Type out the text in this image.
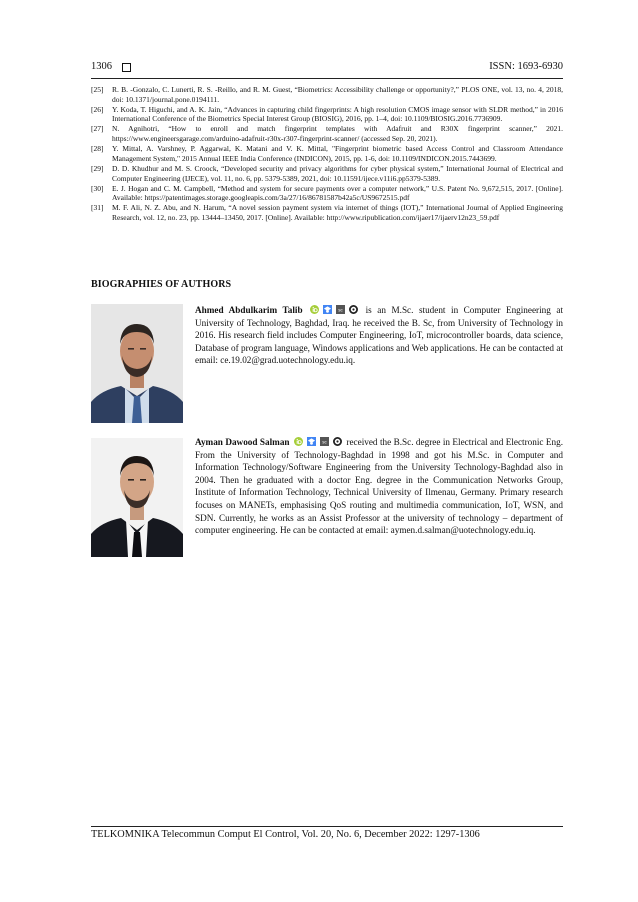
1306	ISSN: 1693-6930
[25]	R. B. -Gonzalo, C. Lunerti, R. S. -Reillo, and R. M. Guest, “Biometrics: Accessibility challenge or opportunity?,” PLOS ONE, vol. 13, no. 4, 2018, doi: 10.1371/journal.pone.0194111.
[26]	Y. Koda, T. Higuchi, and A. K. Jain, “Advances in capturing child fingerprints: A high resolution CMOS image sensor with SLDR method,” in 2016 International Conference of the Biometrics Special Interest Group (BIOSIG), 2016, pp. 1–4, doi: 10.1109/BIOSIG.2016.7736909.
[27]	N. Agnihotri, “How to enroll and match fingerprint templates with Adafruit and R30X fingerprint scanner,” 2021. https://www.engineersgarage.com/arduino-adafruit-r30x-r307-fingerprint-scanner/ (accessed Sep. 20, 2021).
[28]	Y. Mittal, A. Varshney, P. Aggarwal, K. Matani and V. K. Mittal, "Fingerprint biometric based Access Control and Classroom Attendance Management System," 2015 Annual IEEE India Conference (INDICON), 2015, pp. 1-6, doi: 10.1109/INDICON.2015.7443699.
[29]	D. D. Khudhur and M. S. Croock, “Developed security and privacy algorithms for cyber physical system,” International Journal of Electrical and Computer Engineering (IJECE), vol. 11, no. 6, pp. 5379-5389, 2021, doi: 10.11591/ijece.v11i6.pp5379-5389.
[30]	E. J. Hogan and C. M. Campbell, “Method and system for secure payments over a computer network,” U.S. Patent No. 9,672,515, 2017. [Online]. Available: https://patentimages.storage.googleapis.com/3a/27/16/86781587b42a5c/US9672515.pdf
[31]	M. F. Ali, N. Z. Abu, and N. Harum, “A novel session payment system via internet of things (IOT),” International Journal of Applied Engineering Research, vol. 12, no. 23, pp. 13444–13450, 2017. [Online]. Available: http://www.ripublication.com/ijaer17/ijaerv12n23_59.pdf
BIOGRAPHIES OF AUTHORS
Ahmed Abdulkarim Talib	sc is an M.Sc. student in Computer Engineering at University of Technology, Baghdad, Iraq. he received the B. Sc, from University of Technology in 2016. His research field includes Computer Engineering, IoT, microcontroller boards, data science, Database of program language, Windows applications and Web applications. He can be contacted at email: ce.19.02@grad.uotechnology.edu.iq.
Ayman Dawood Salman	sc received the B.Sc. degree in Electrical and Electronic Eng. From the University of Technology-Baghdad in 1998 and got his M.Sc. in Computer and Information Technology/Software Engineering from the University Technology-Baghdad also in 2004. Then he graduated with a doctor Eng. degree in the Communication Networks Group, Institute of Information Technology, Technical University of Ilmenau, Germany. Primary research focuses on MANETs, emphasising QoS routing and multimedia communication, IoT, WSN, and SDN. Currently, he works as an Assist Professor at the university of technology – department of computer engineering. He can be contacted at email: aymen.d.salman@uotechnology.edu.iq.
TELKOMNIKA Telecommun Comput El Control, Vol. 20, No. 6, December 2022: 1297-1306
